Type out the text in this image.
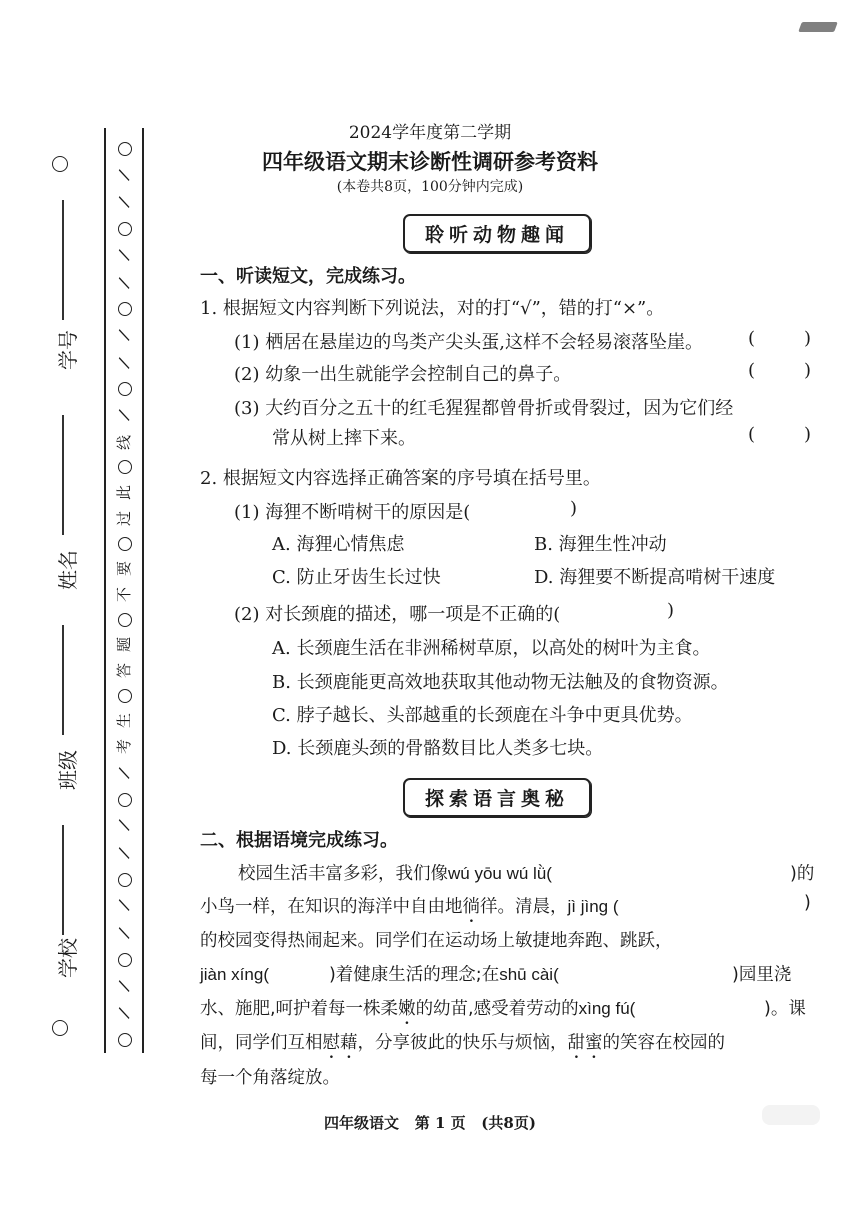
学号
姓名
班级
学校
/
/
/
/
/
/
/
线
此
过
要
不
题
答
生
考
/
/
/
/
/
/
/
2024学年度第二学期
四年级语文期末诊断性调研参考资料
(本卷共8页，100分钟内完成)
聆听动物趣闻
一、听读短文，完成练习。
1. 根据短文内容判断下列说法，对的打“√”，错的打“×”。
(1) 栖居在悬崖边的鸟类产尖头蛋,这样不会轻易滚落坠崖。	(	)
(2) 幼象一出生就能学会控制自己的鼻子。	(	)
(3) 大约百分之五十的红毛猩猩都曾骨折或骨裂过，因为它们经
常从树上摔下来。	(	)
2. 根据短文内容选择正确答案的序号填在括号里。
(1) 海狸不断啃树干的原因是(	)
A. 海狸心情焦虑	B. 海狸生性冲动
C. 防止牙齿生长过快	D. 海狸要不断提高啃树干速度
(2) 对长颈鹿的描述，哪一项是不正确的(	)
A. 长颈鹿生活在非洲稀树草原，以高处的树叶为主食。
B. 长颈鹿能更高效地获取其他动物无法触及的食物资源。
C. 脖子越长、头部越重的长颈鹿在斗争中更具优势。
D. 长颈鹿头颈的骨骼数目比人类多七块。
探索语言奥秘
二、根据语境完成练习。
校园生活丰富多彩，我们像wú yōu wú lǜ(	)的
小鸟一样，在知识的海洋中自由地徜徉。清晨，jì jìng (	)
的校园变得热闹起来。同学们在运动场上敏捷地奔跑、跳跃，
jiàn xíng(	)着健康生活的理念;在shū cài(	)园里浇
水、施肥,呵护着每一株柔嫩的幼苗,感受着劳动的xìng fú(	)。课
间，同学们互相慰藉，分享彼此的快乐与烦恼，甜蜜的笑容在校园的
每一个角落绽放。
四年级语文 第 1 页 (共8页)
